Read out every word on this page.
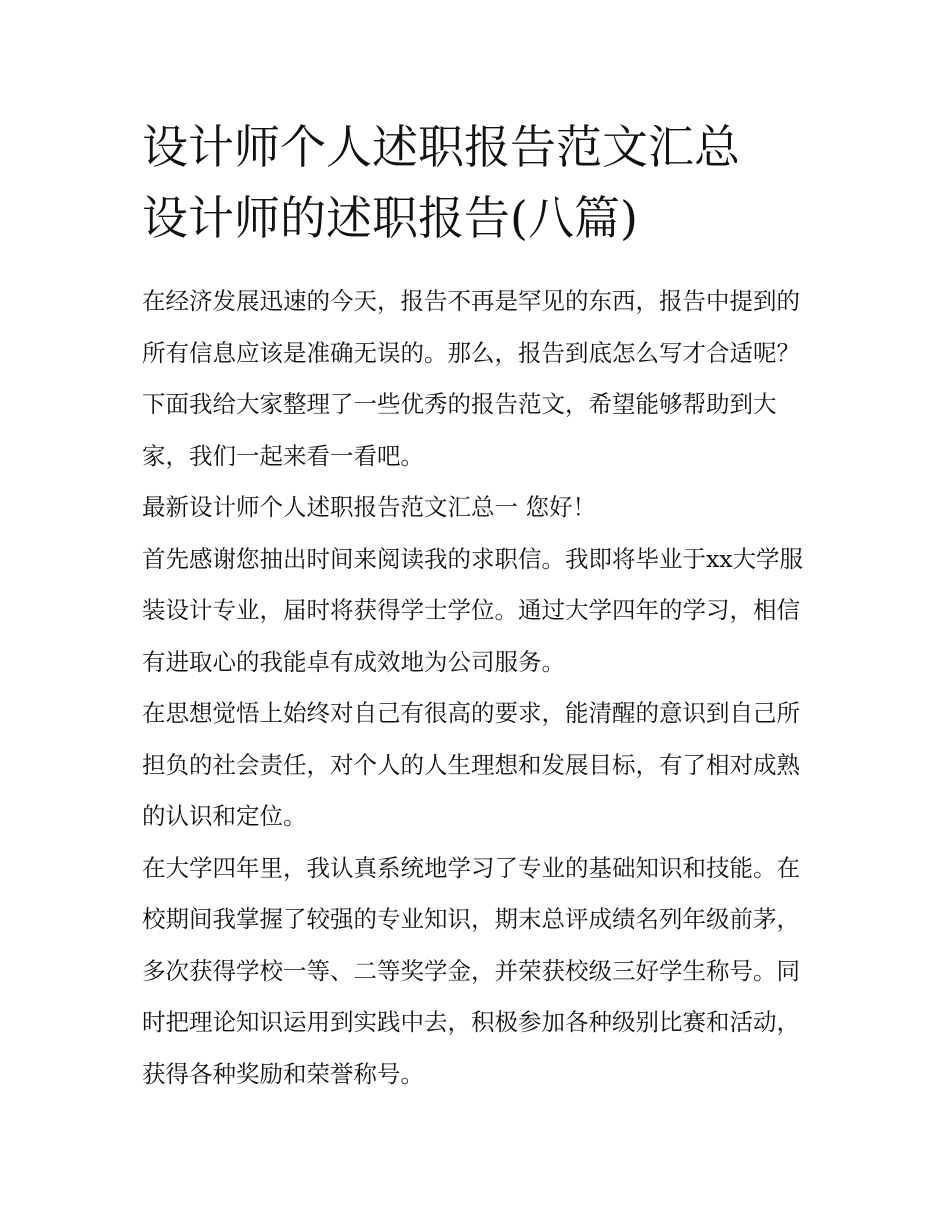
设计师个人述职报告范文汇总
设计师的述职报告(八篇)

在经济发展迅速的今天，报告不再是罕见的东西，报告中提到的所有信息应该是准确无误的。那么，报告到底怎么写才合适呢？下面我给大家整理了一些优秀的报告范文，希望能够帮助到大家，我们一起来看一看吧。

最新设计师个人述职报告范文汇总一 您好！

首先感谢您抽出时间来阅读我的求职信。我即将毕业于xx大学服装设计专业，届时将获得学士学位。通过大学四年的学习，相信有进取心的我能卓有成效地为公司服务。

在思想觉悟上始终对自己有很高的要求，能清醒的意识到自己所担负的社会责任，对个人的人生理想和发展目标，有了相对成熟的认识和定位。

在大学四年里，我认真系统地学习了专业的基础知识和技能。在校期间我掌握了较强的专业知识，期末总评成绩名列年级前茅，多次获得学校一等、二等奖学金，并荣获校级三好学生称号。同时把理论知识运用到实践中去，积极参加各种级别比赛和活动，获得各种奖励和荣誉称号。
